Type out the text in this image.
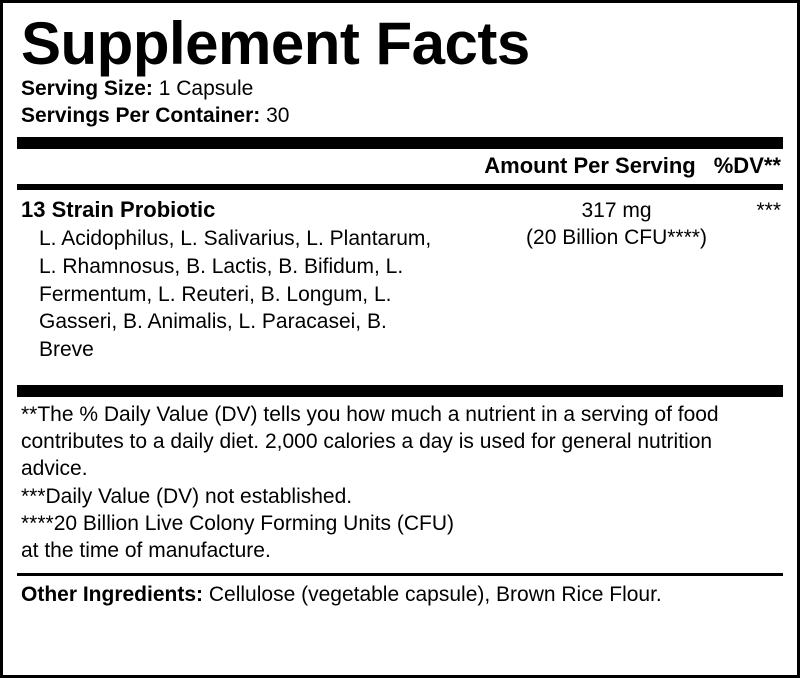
Supplement Facts
Serving Size: 1 Capsule
Servings Per Container: 30
Amount Per Serving %DV**
13 Strain Probiotic
L. Acidophilus, L. Salivarius, L. Plantarum, L. Rhamnosus, B. Lactis, B. Bifidum, L. Fermentum, L. Reuteri, B. Longum, L. Gasseri, B. Animalis, L. Paracasei, B. Breve
317 mg
(20 Billion CFU****)
***

**The % Daily Value (DV) tells you how much a nutrient in a serving of food contributes to a daily diet. 2,000 calories a day is used for general nutrition advice.

***Daily Value (DV) not established.

****20 Billion Live Colony Forming Units (CFU)

at the time of manufacture.

Other Ingredients: Cellulose (vegetable capsule), Brown Rice Flour.
